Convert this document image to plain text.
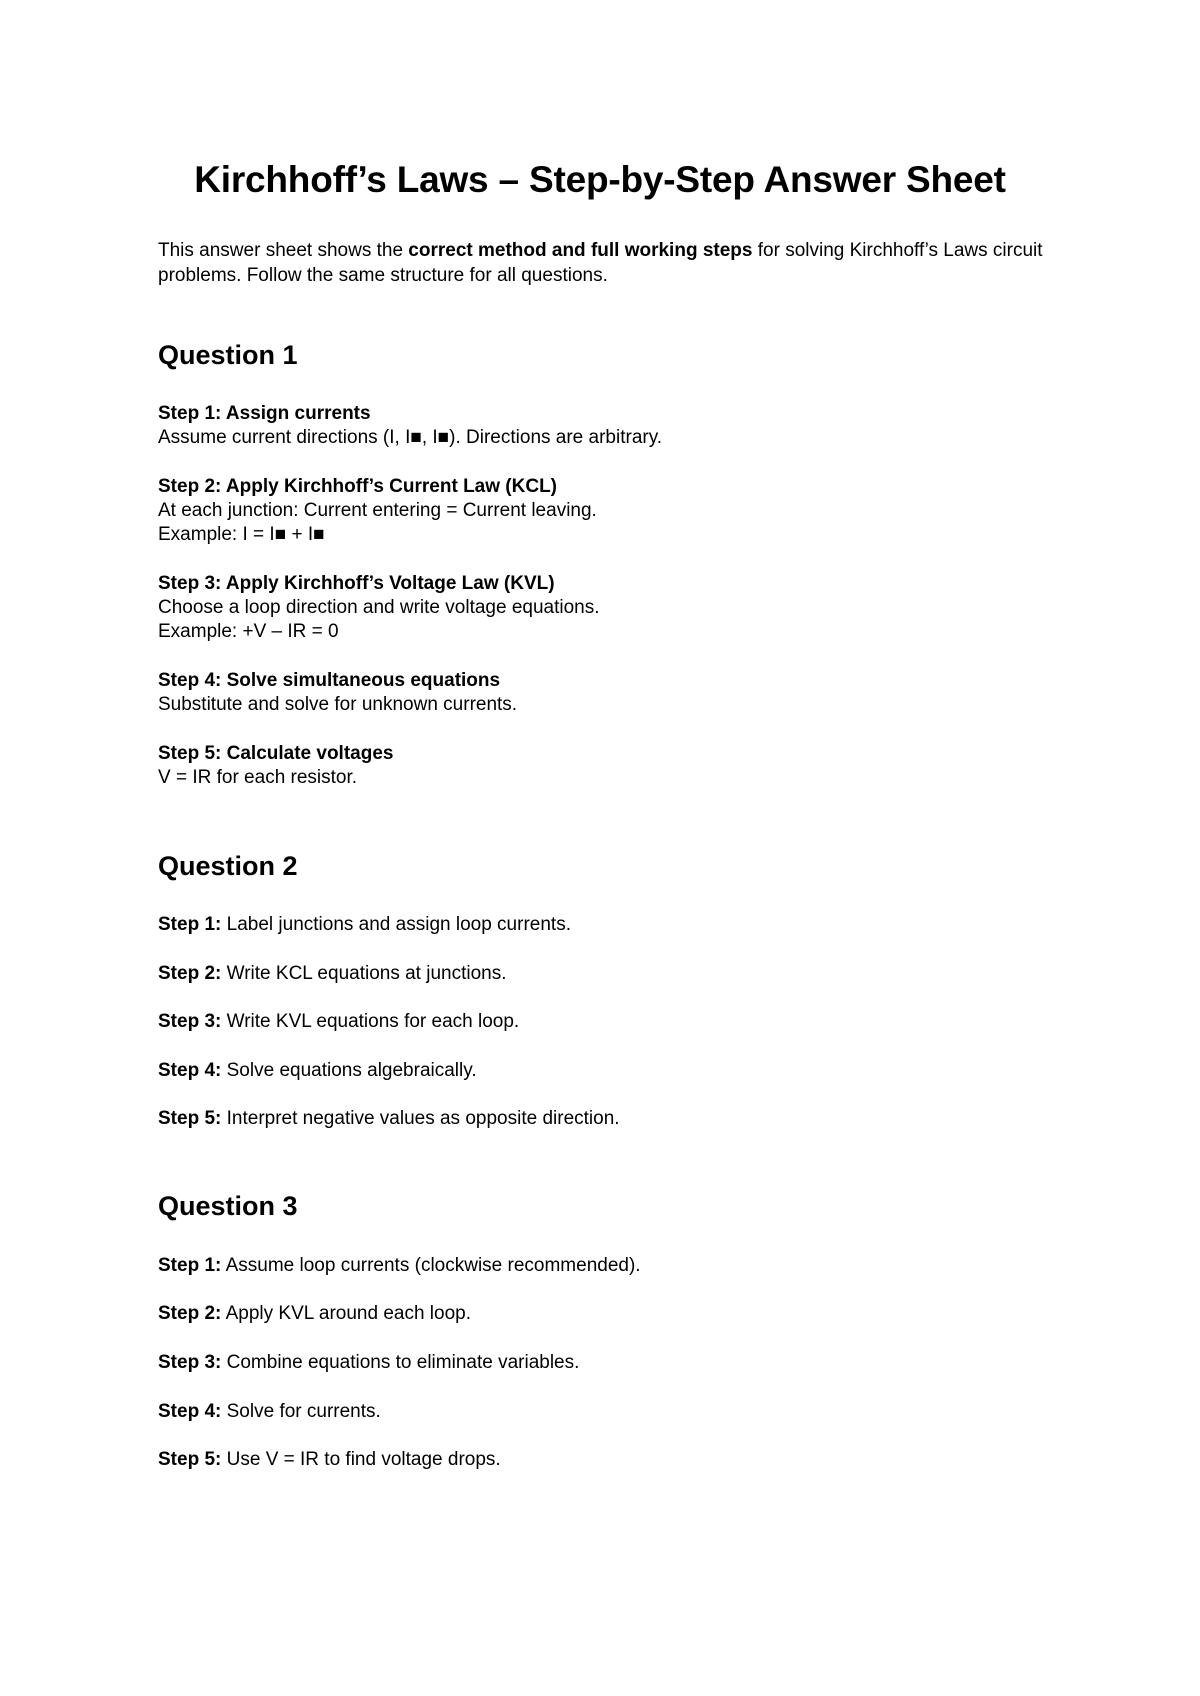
Kirchhoff’s Laws – Step-by-Step Answer Sheet
This answer sheet shows the correct method and full working steps for solving Kirchhoff’s Laws circuit problems. Follow the same structure for all questions.
Question 1
Step 1: Assign currents
Assume current directions (I, I■, I■). Directions are arbitrary.
Step 2: Apply Kirchhoff’s Current Law (KCL)
At each junction: Current entering = Current leaving.
Example: I = I■ + I■
Step 3: Apply Kirchhoff’s Voltage Law (KVL)
Choose a loop direction and write voltage equations.
Example: +V – IR = 0
Step 4: Solve simultaneous equations
Substitute and solve for unknown currents.
Step 5: Calculate voltages
V = IR for each resistor.
Question 2
Step 1: Label junctions and assign loop currents.
Step 2: Write KCL equations at junctions.
Step 3: Write KVL equations for each loop.
Step 4: Solve equations algebraically.
Step 5: Interpret negative values as opposite direction.
Question 3
Step 1: Assume loop currents (clockwise recommended).
Step 2: Apply KVL around each loop.
Step 3: Combine equations to eliminate variables.
Step 4: Solve for currents.
Step 5: Use V = IR to find voltage drops.
